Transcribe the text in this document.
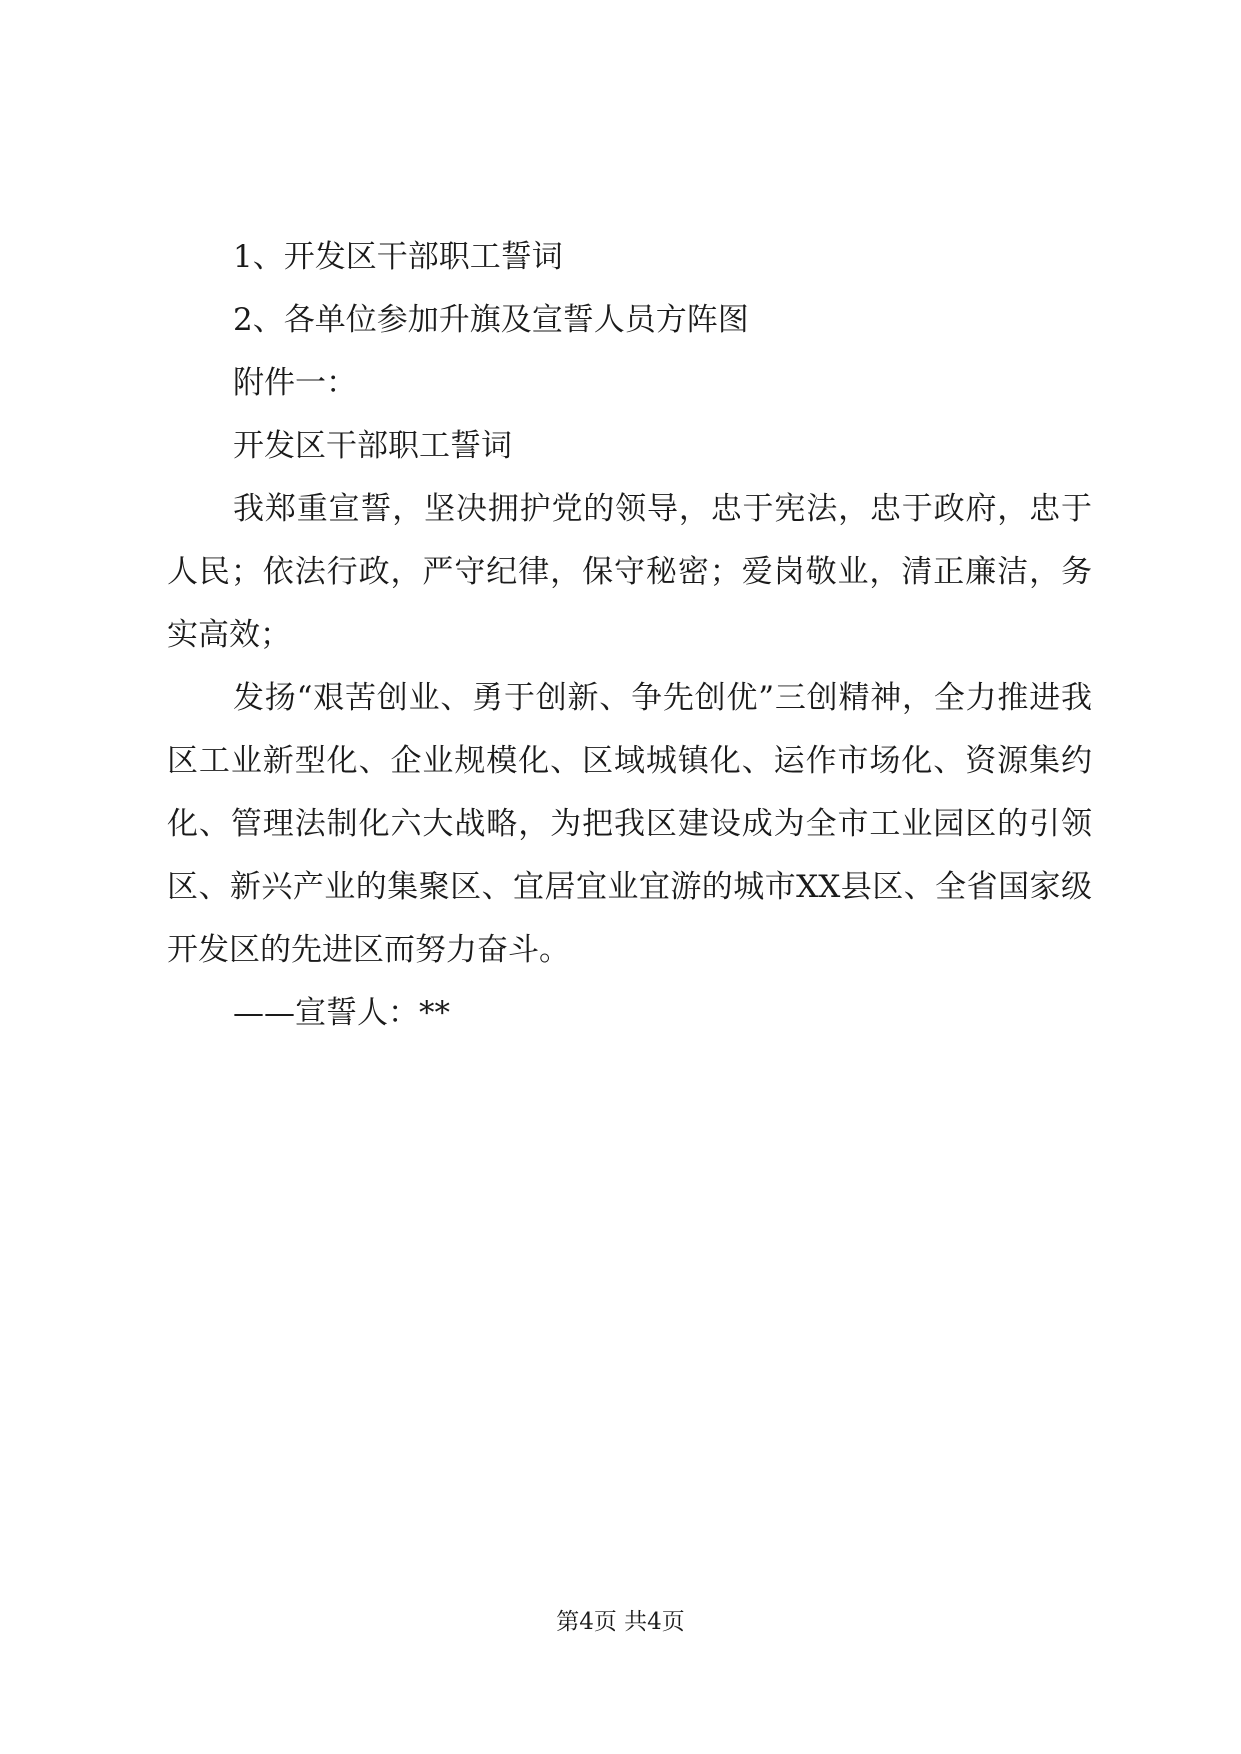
1、开发区干部职工誓词

2、各单位参加升旗及宣誓人员方阵图

附件一：

开发区干部职工誓词

我郑重宣誓，坚决拥护党的领导，忠于宪法，忠于政府，忠于人民；依法行政，严守纪律，保守秘密；爱岗敬业，清正廉洁，务实高效；

发扬“艰苦创业、勇于创新、争先创优”三创精神，全力推进我区工业新型化、企业规模化、区域城镇化、运作市场化、资源集约化、管理法制化六大战略，为把我区建设成为全市工业园区的引领区、新兴产业的集聚区、宜居宜业宜游的城市XX县区、全省国家级开发区的先进区而努力奋斗。

——宣誓人：**

第4页 共4页
